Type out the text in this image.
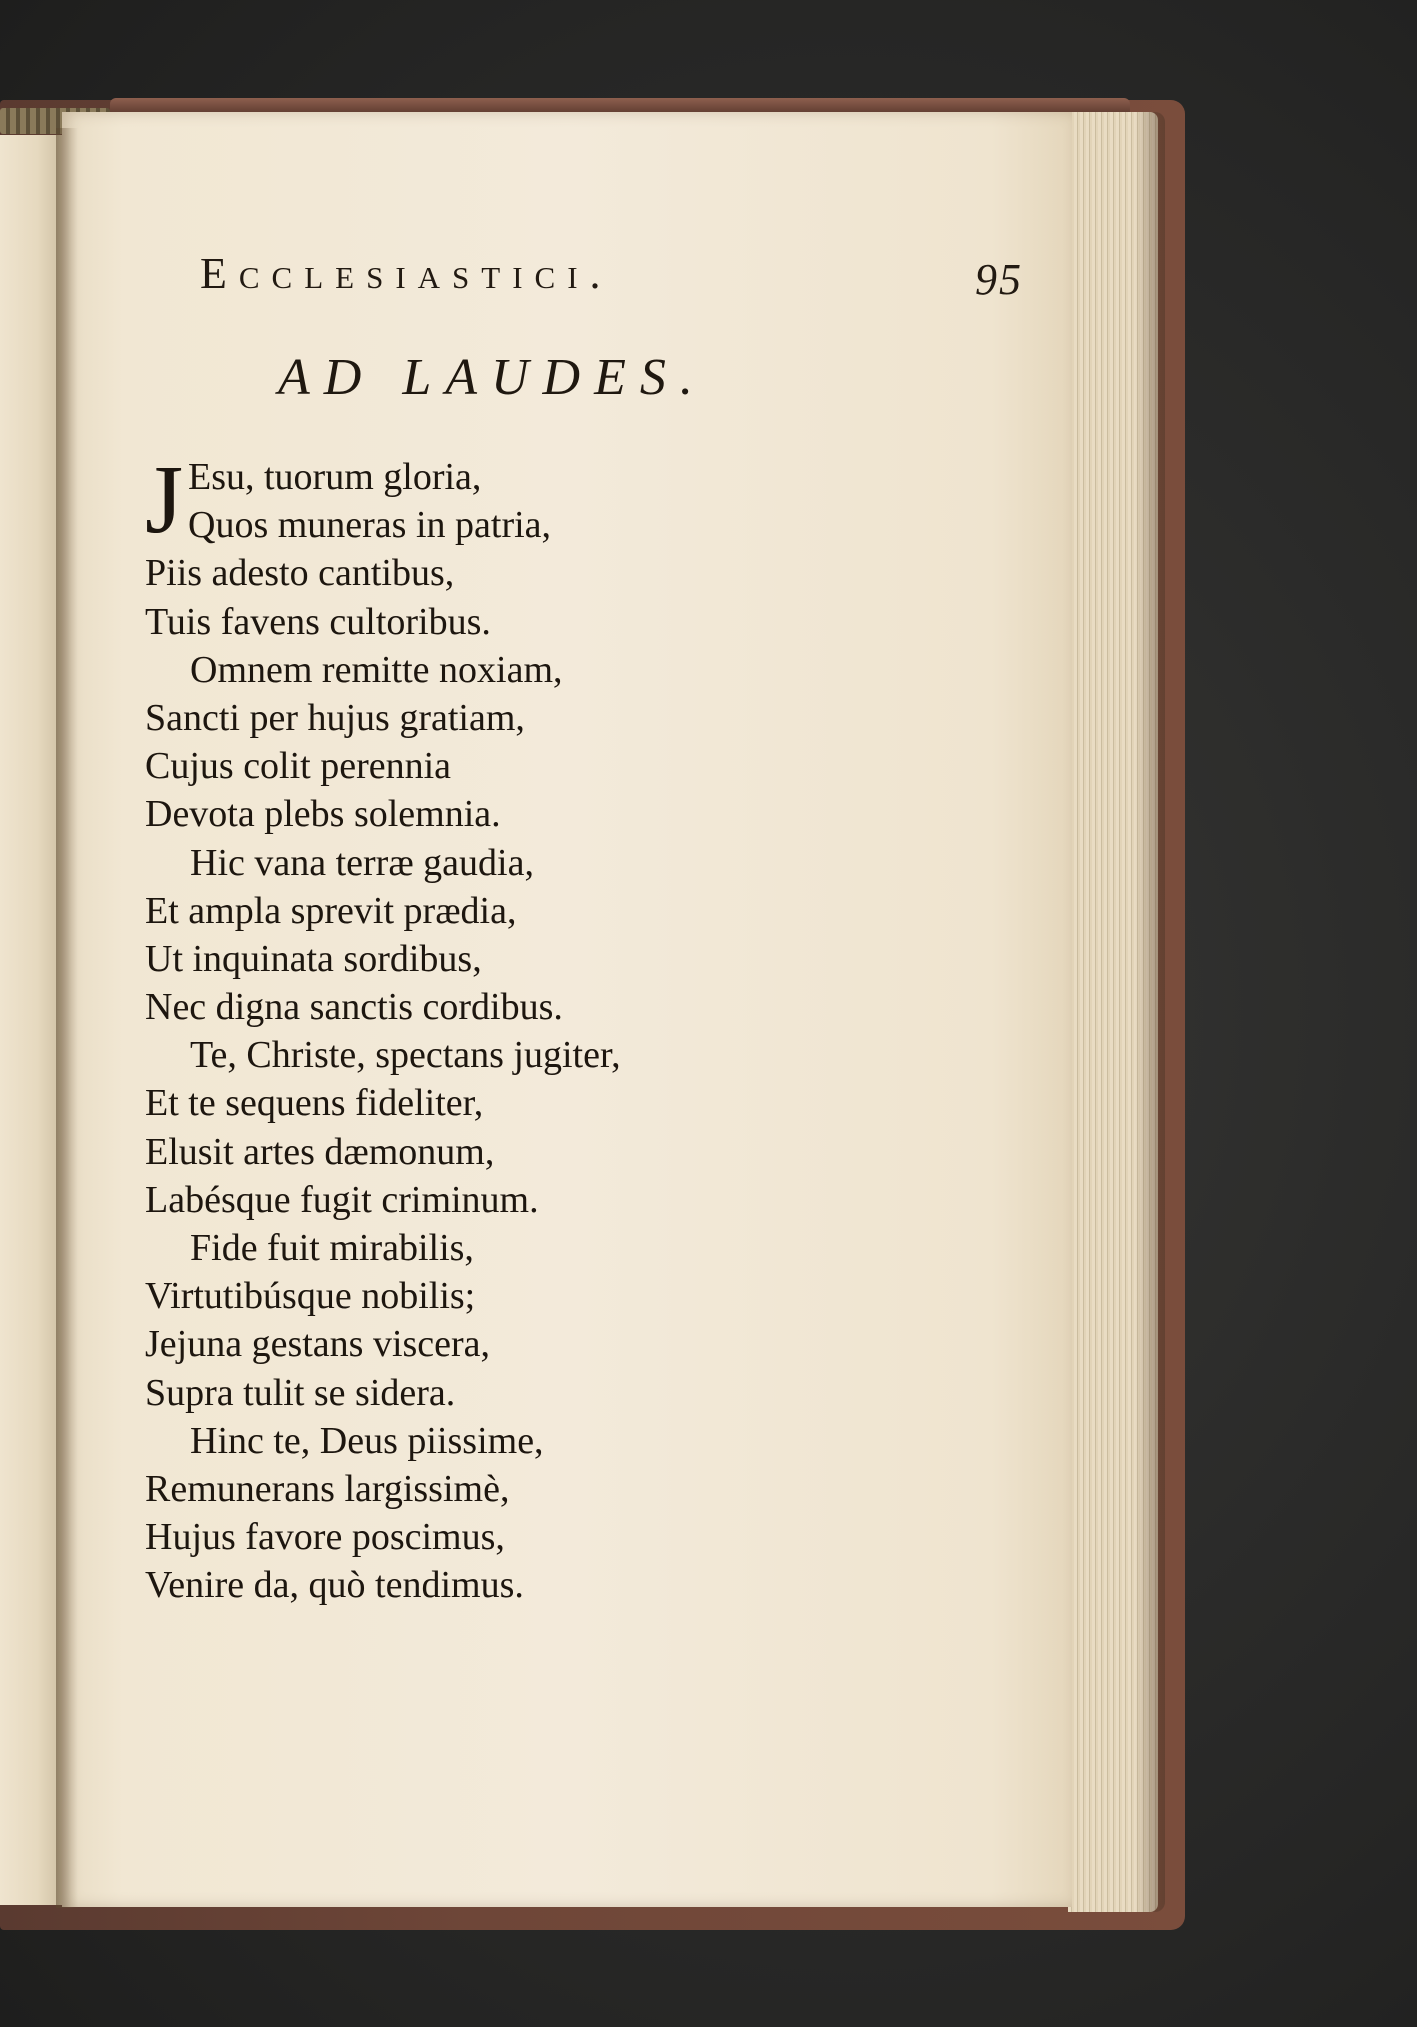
Ecclesiastici.	95
AD LAUDES.
J Esu, tuorum gloria,
Quos muneras in patria,
Piis adesto cantibus,
Tuis favens cultoribus.
Omnem remitte noxiam,
Sancti per hujus gratiam,
Cujus colit perennia
Devota plebs solemnia.
Hic vana terræ gaudia,
Et ampla sprevit prædia,
Ut inquinata sordibus,
Nec digna sanctis cordibus.
Te, Christe, spectans jugiter,
Et te sequens fideliter,
Elusit artes dæmonum,
Labésque fugit criminum.
Fide fuit mirabilis,
Virtutibúsque nobilis;
Jejuna gestans viscera,
Supra tulit se sidera.
Hinc te, Deus piissime,
Remunerans largissimè,
Hujus favore poscimus,
Venire da, quò tendimus.
